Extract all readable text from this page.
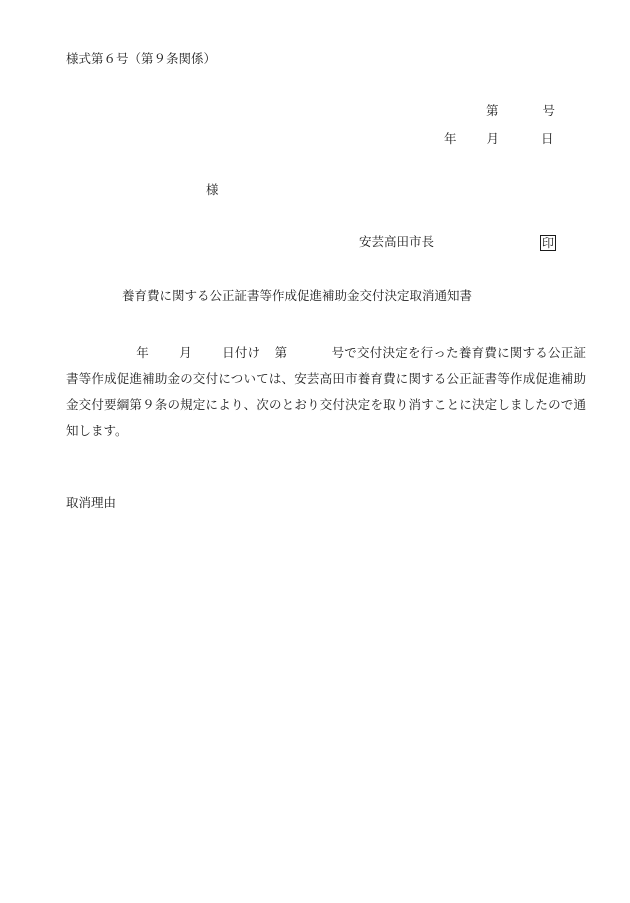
様式第６号（第９条関係）
第	号
年 月	日
様
安芸高田市長	印
養育費に関する公正証書等作成促進補助金交付決定取消通知書
年 月 日付け 第	号で交付決定を行った養育費に関する公正証書等作成促進補助金の交付については、安芸高田市養育費に関する公正証書等作成促進補助金交付要綱第９条の規定により、次のとおり交付決定を取り消すことに決定しましたので通知します。
取消理由
